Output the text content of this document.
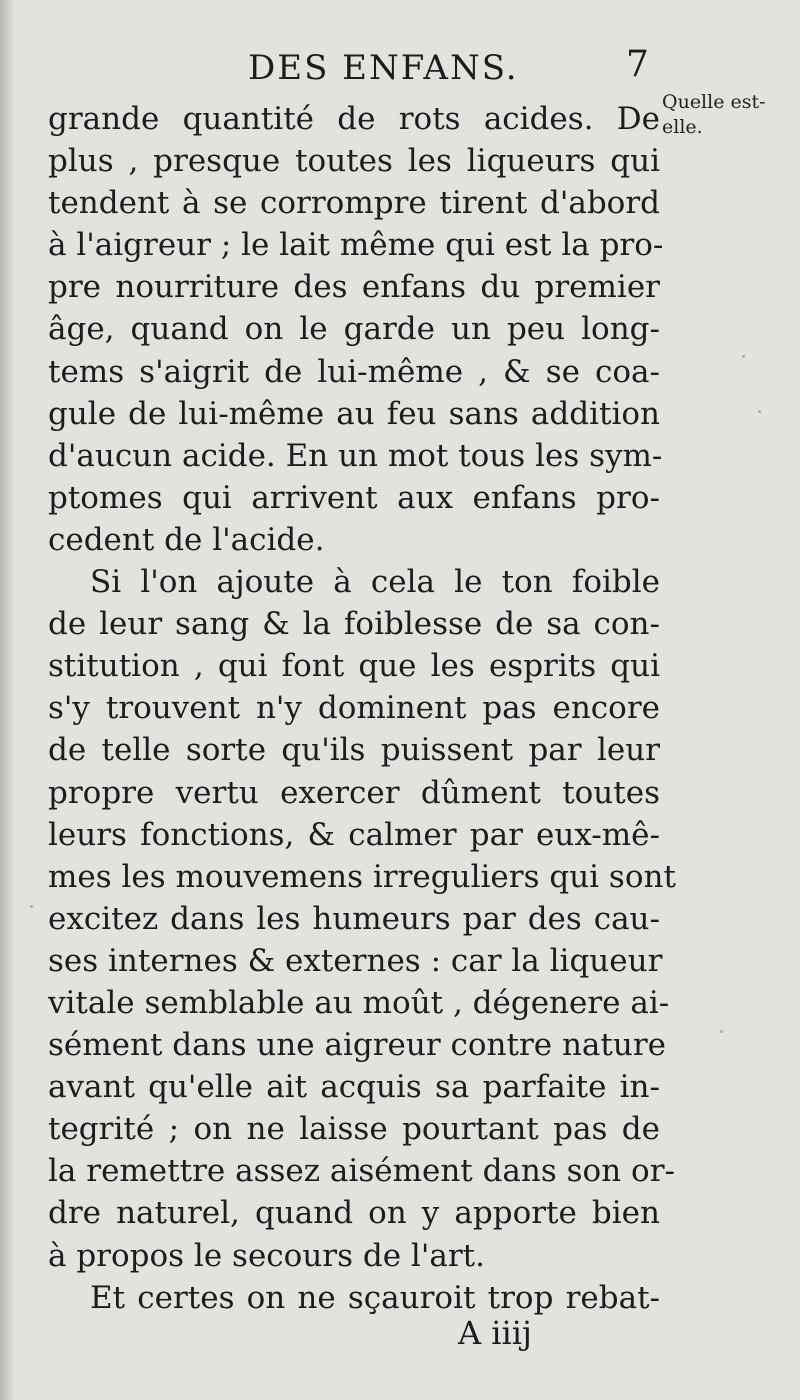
DES ENFANS.	7
Quelle est-

elle.
grande quantité de rots acides. De
plus , presque toutes les liqueurs qui
tendent à se corrompre tirent d'abord
à l'aigreur ; le lait même qui est la pro-
pre nourriture des enfans du premier
âge, quand on le garde un peu long-
tems s'aigrit de lui-même , & se coa-
gule de lui-même au feu sans addition
d'aucun acide. En un mot tous les sym-
ptomes qui arrivent aux enfans pro-
cedent de l'acide.
Si l'on ajoute à cela le ton foible
de leur sang & la foiblesse de sa con-
stitution , qui font que les esprits qui
s'y trouvent n'y dominent pas encore
de telle sorte qu'ils puissent par leur
propre vertu exercer dûment toutes
leurs fonctions, & calmer par eux-mê-
mes les mouvemens irreguliers qui sont
excitez dans les humeurs par des cau-
ses internes & externes : car la liqueur
vitale semblable au moût , dégenere ai-
sément dans une aigreur contre nature
avant qu'elle ait acquis sa parfaite in-
tegrité ; on ne laisse pourtant pas de
la remettre assez aisément dans son or-
dre naturel, quand on y apporte bien
à propos le secours de l'art.
Et certes on ne sçauroit trop rebat-
A iiij
